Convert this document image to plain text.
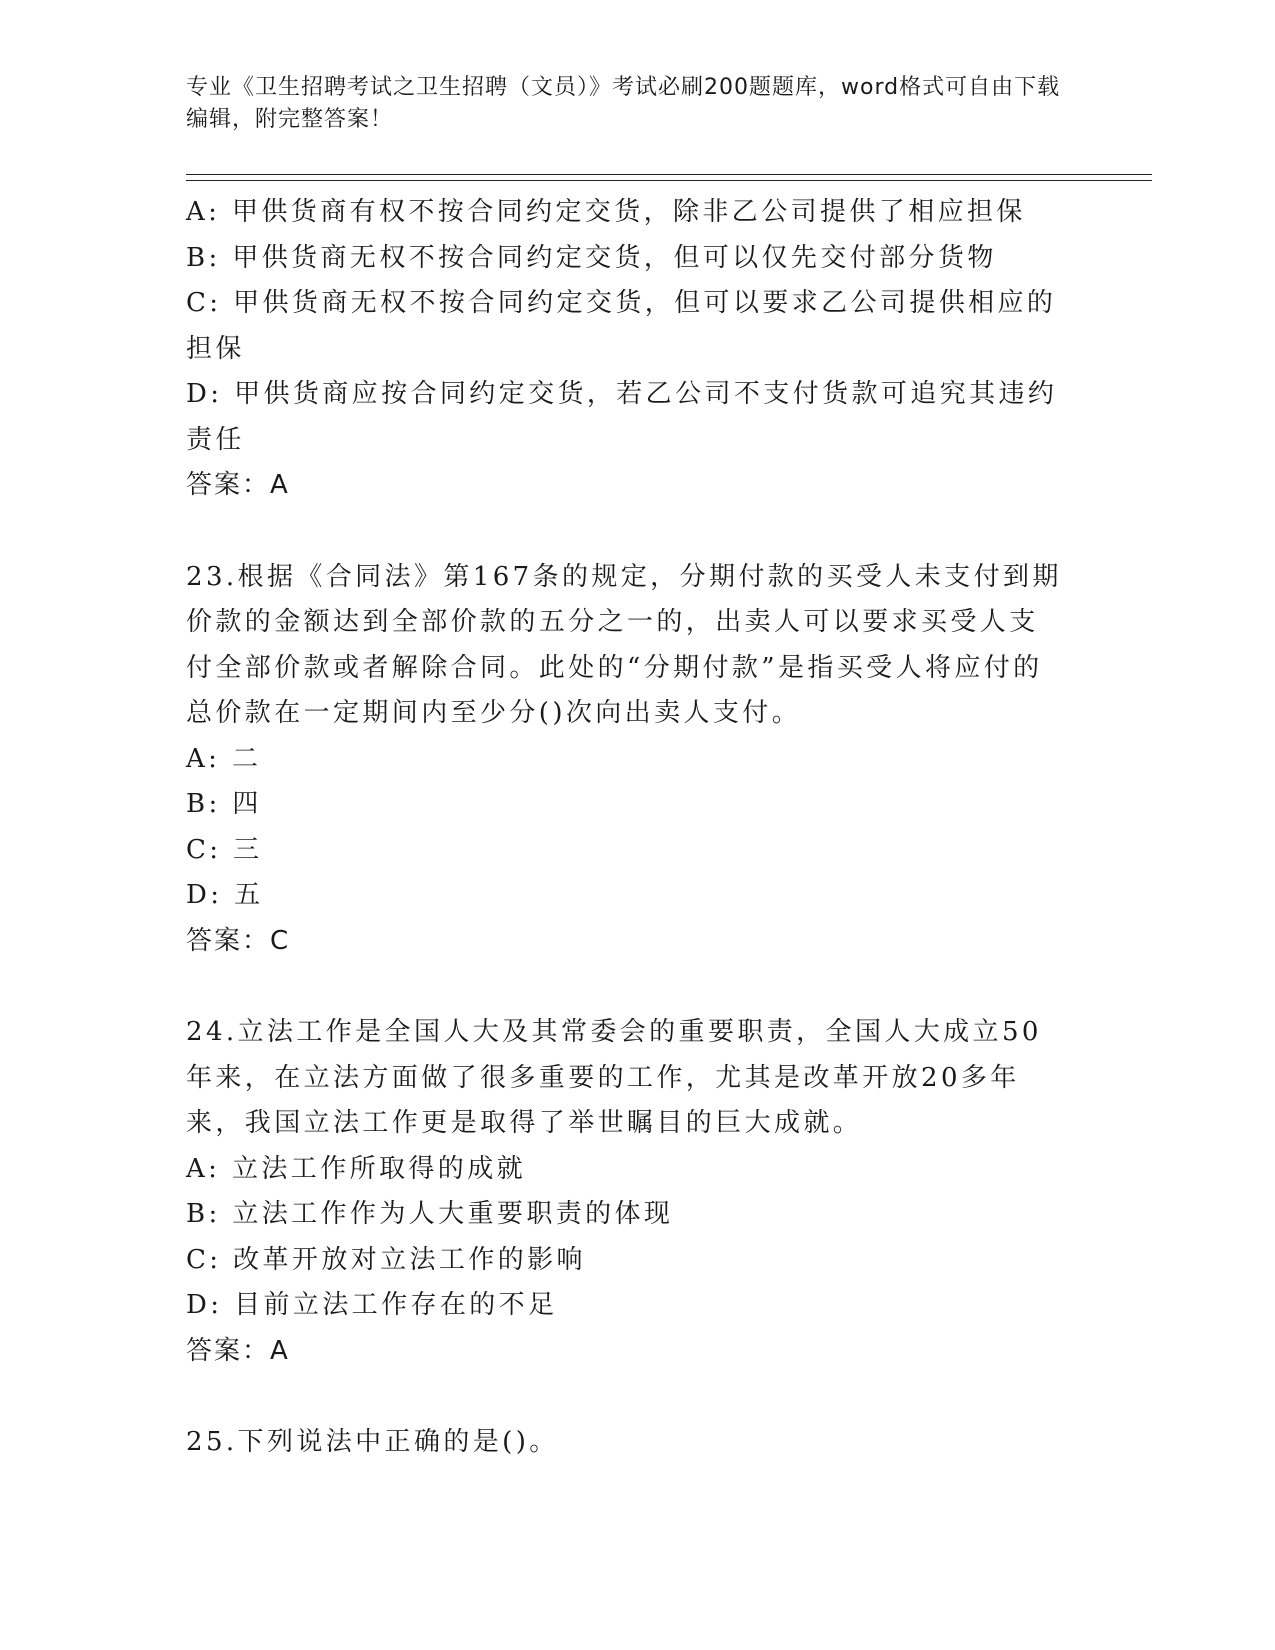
专业《卫生招聘考试之卫生招聘（文员）》考试必刷200题题库，word格式可自由下载编辑，附完整答案！
A: 甲供货商有权不按合同约定交货，除非乙公司提供了相应担保
B: 甲供货商无权不按合同约定交货，但可以仅先交付部分货物
C: 甲供货商无权不按合同约定交货，但可以要求乙公司提供相应的担保
D: 甲供货商应按合同约定交货，若乙公司不支付货款可追究其违约责任
答案：A
23.根据《合同法》第167条的规定，分期付款的买受人未支付到期价款的金额达到全部价款的五分之一的，出卖人可以要求买受人支付全部价款或者解除合同。此处的“分期付款”是指买受人将应付的总价款在一定期间内至少分()次向出卖人支付。
A: 二
B: 四
C: 三
D: 五
答案：C
24.立法工作是全国人大及其常委会的重要职责，全国人大成立50年来，在立法方面做了很多重要的工作，尤其是改革开放20多年来，我国立法工作更是取得了举世瞩目的巨大成就。
A: 立法工作所取得的成就
B: 立法工作作为人大重要职责的体现
C: 改革开放对立法工作的影响
D: 目前立法工作存在的不足
答案：A
25.下列说法中正确的是()。
